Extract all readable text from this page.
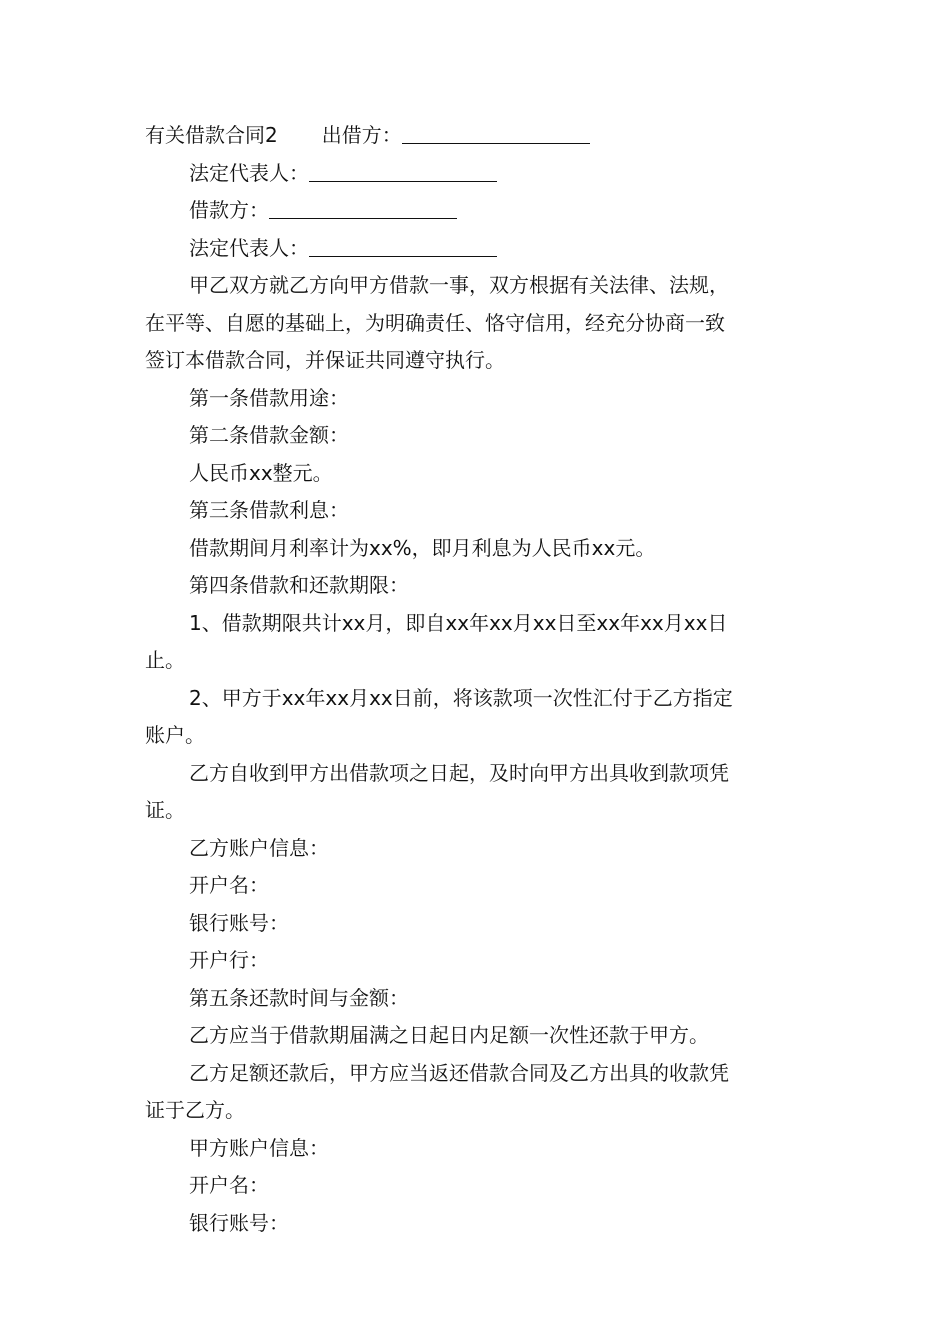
有关借款合同2 出借方：
法定代表人：
借款方：
法定代表人：
甲乙双方就乙方向甲方借款一事，双方根据有关法律、法规，
在平等、自愿的基础上，为明确责任、恪守信用，经充分协商一致
签订本借款合同，并保证共同遵守执行。
第一条借款用途：
第二条借款金额：
人民币xx整元。
第三条借款利息：
借款期间月利率计为xx%，即月利息为人民币xx元。
第四条借款和还款期限：
1、借款期限共计xx月，即自xx年xx月xx日至xx年xx月xx日
止。
2、甲方于xx年xx月xx日前，将该款项一次性汇付于乙方指定
账户。
乙方自收到甲方出借款项之日起，及时向甲方出具收到款项凭
证。
乙方账户信息：
开户名：
银行账号：
开户行：
第五条还款时间与金额：
乙方应当于借款期届满之日起日内足额一次性还款于甲方。
乙方足额还款后，甲方应当返还借款合同及乙方出具的收款凭
证于乙方。
甲方账户信息：
开户名：
银行账号：
